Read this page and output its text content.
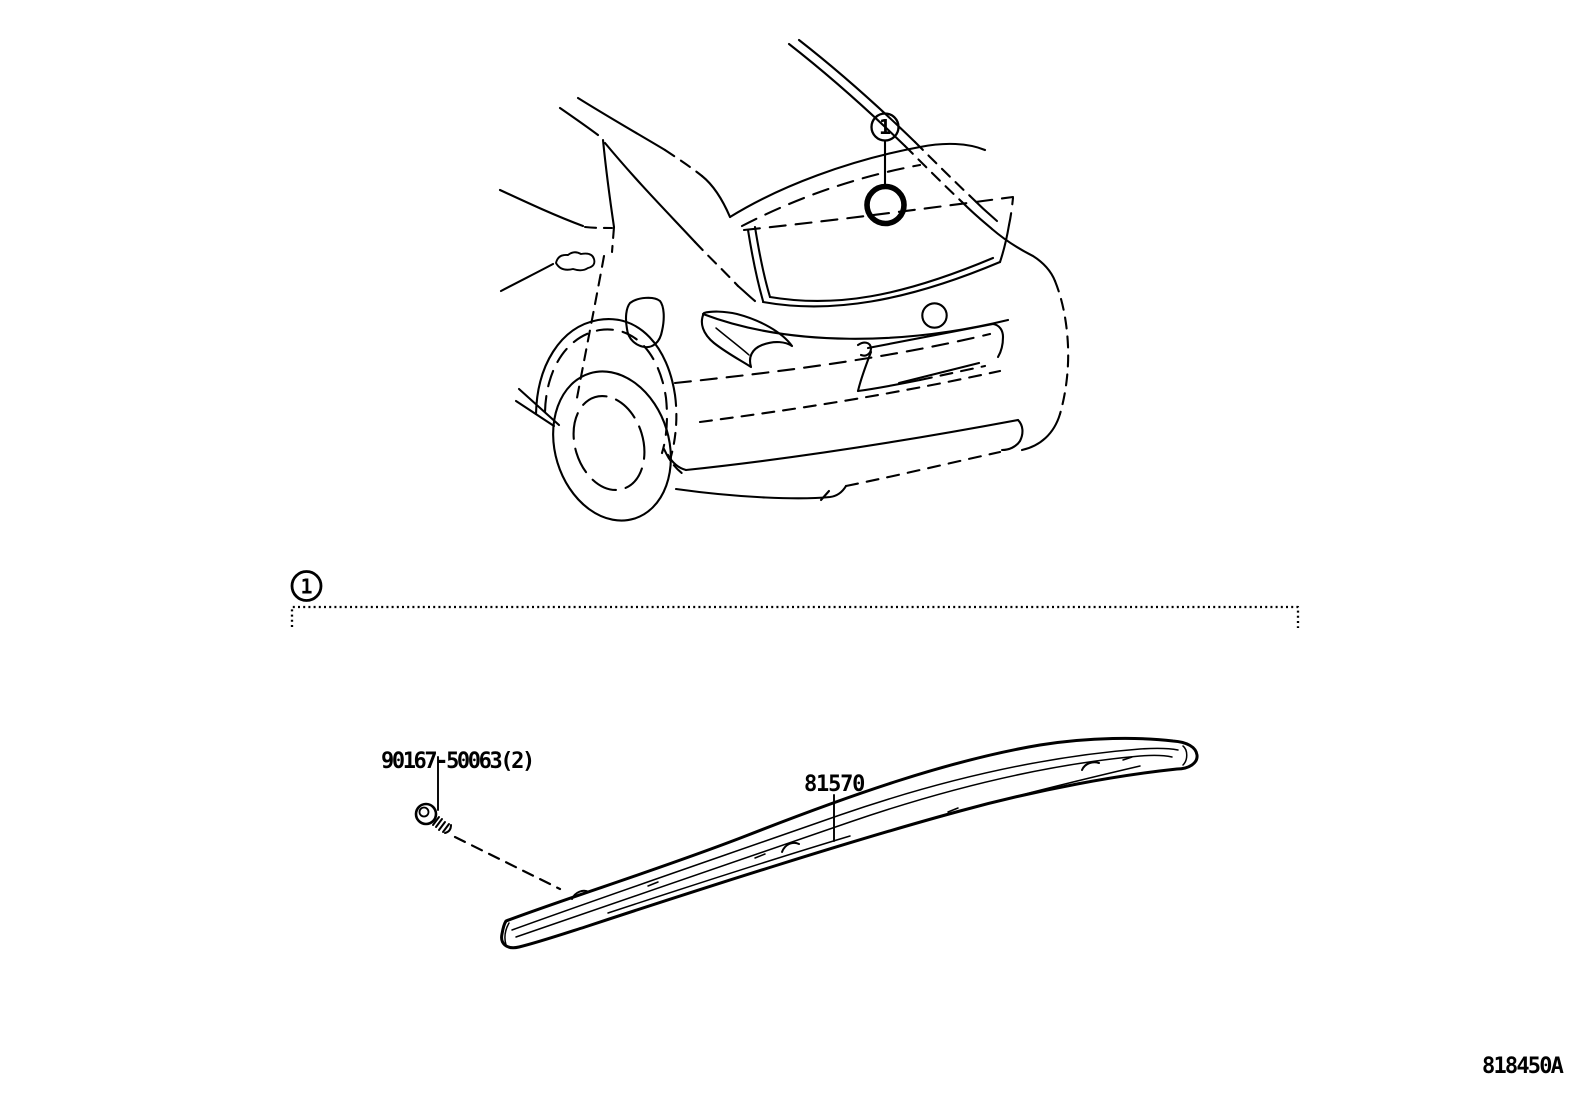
1
1
90167-50063(2)
81570
818450A
